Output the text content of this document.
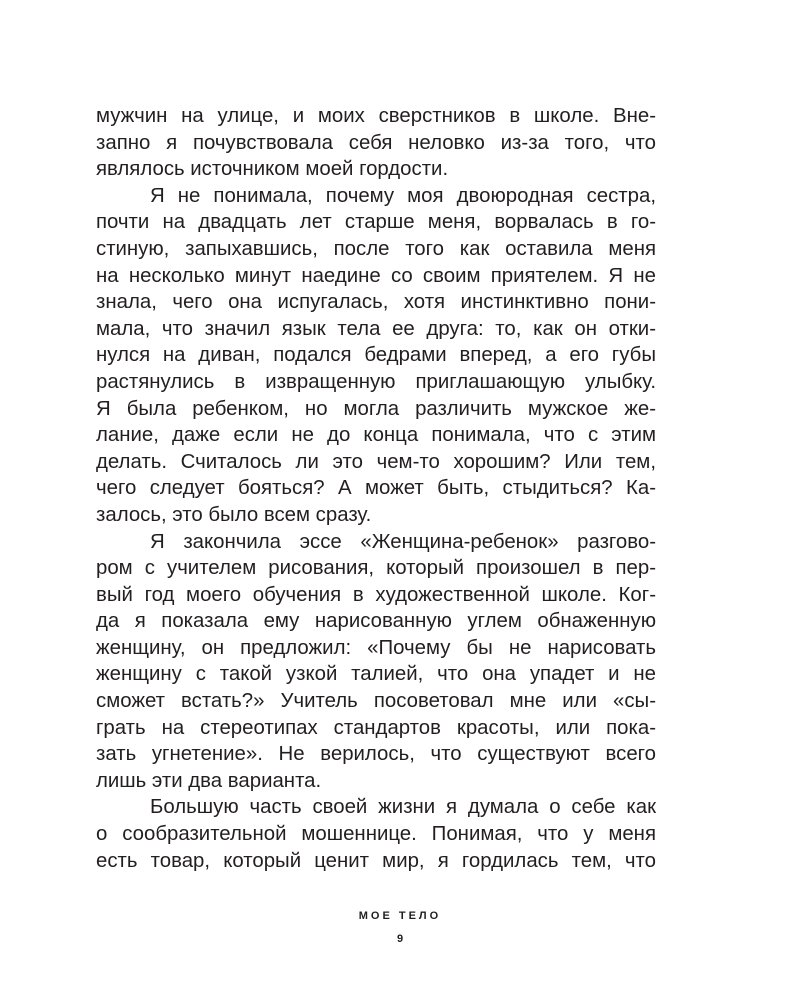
мужчин на улице, и моих сверстников в школе. Вне-
запно я почувствовала себя неловко из-за того, что
являлось источником моей гордости.
Я не понимала, почему моя двоюродная сестра,
почти на двадцать лет старше меня, ворвалась в го-
стиную, запыхавшись, после того как оставила меня
на несколько минут наедине со своим приятелем. Я не
знала, чего она испугалась, хотя инстинктивно пони-
мала, что значил язык тела ее друга: то, как он отки-
нулся на диван, подался бедрами вперед, а его губы
растянулись в извращенную приглашающую улыбку.
Я была ребенком, но могла различить мужское же-
лание, даже если не до конца понимала, что с этим
делать. Считалось ли это чем-то хорошим? Или тем,
чего следует бояться? А может быть, стыдиться? Ка-
залось, это было всем сразу.
Я закончила эссе «Женщина-ребенок» разгово-
ром с учителем рисования, который произошел в пер-
вый год моего обучения в художественной школе. Ког-
да я показала ему нарисованную углем обнаженную
женщину, он предложил: «Почему бы не нарисовать
женщину с такой узкой талией, что она упадет и не
сможет встать?» Учитель посоветовал мне или «сы-
грать на стереотипах стандартов красоты, или пока-
зать угнетение». Не верилось, что существуют всего
лишь эти два варианта.
Большую часть своей жизни я думала о себе как
о сообразительной мошеннице. Понимая, что у меня
есть товар, который ценит мир, я гордилась тем, что
МОЕ ТЕЛО
9
